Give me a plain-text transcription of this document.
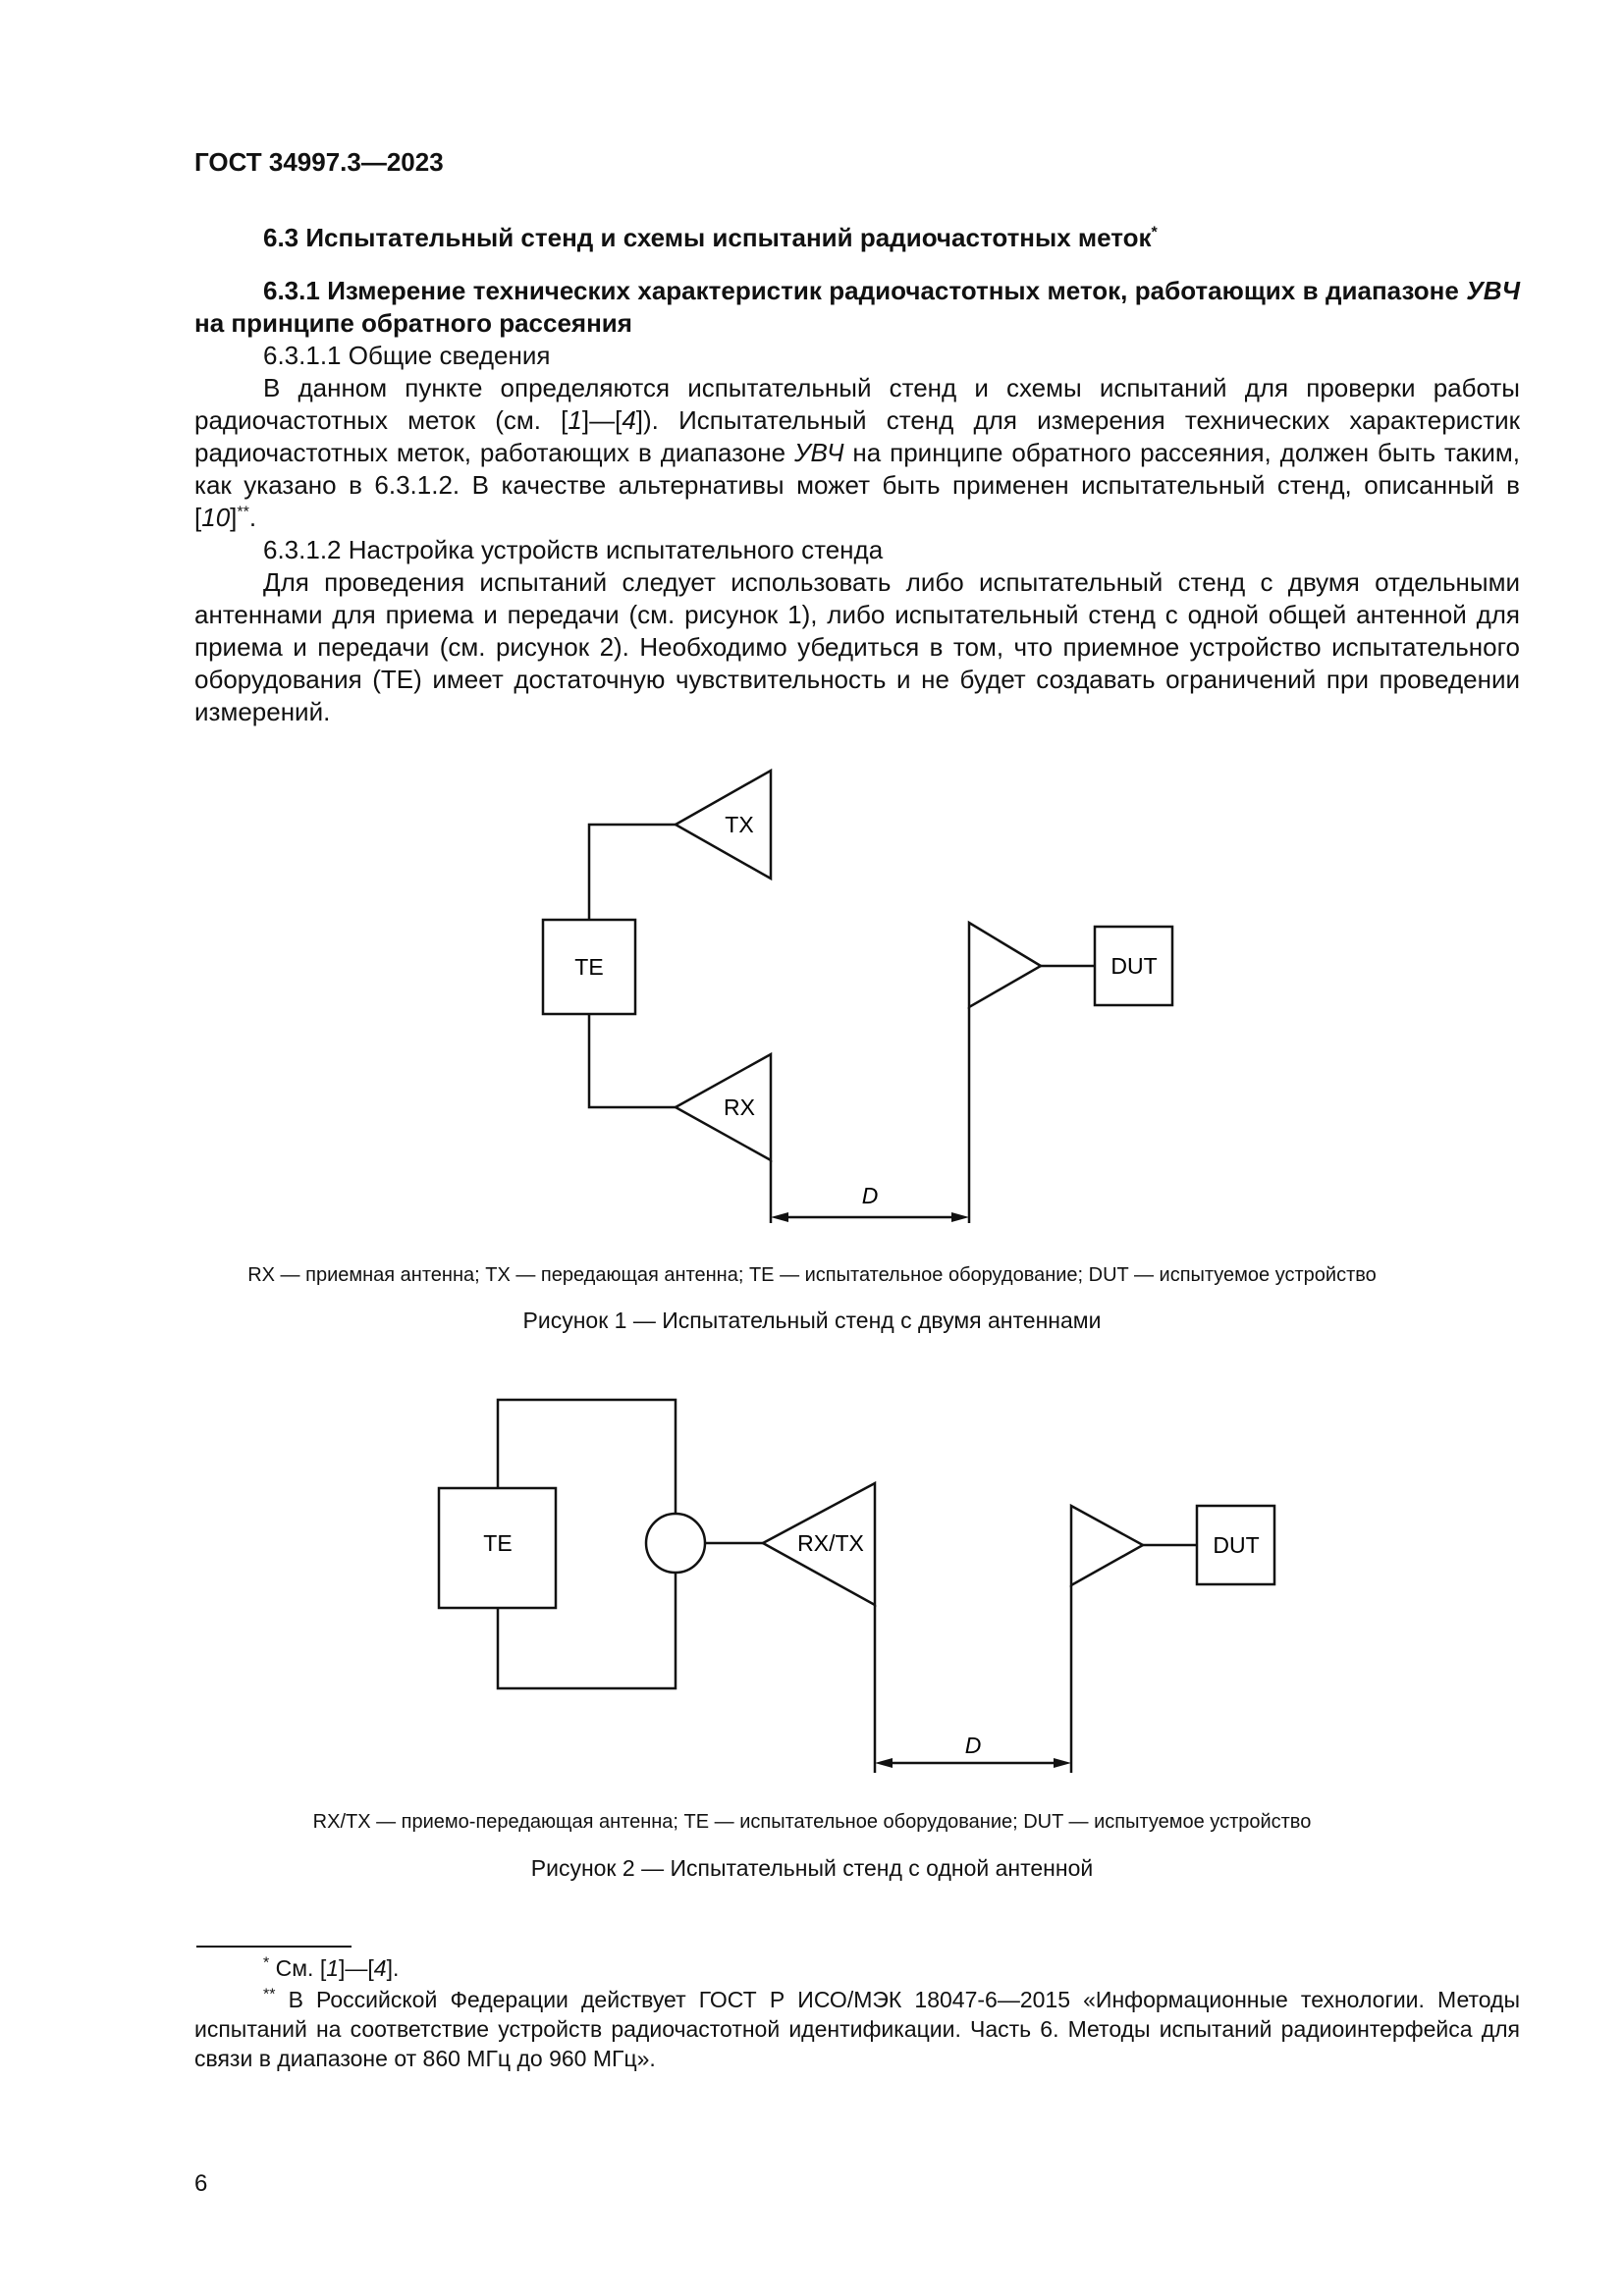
ГОСТ 34997.3—2023

6.3 Испытательный стенд и схемы испытаний радиочастотных меток*

6.3.1 Измерение технических характеристик радиочастотных меток, работающих в диапазоне УВЧ на принципе обратного рассеяния

6.3.1.1 Общие сведения

В данном пункте определяются испытательный стенд и схемы испытаний для проверки работы радиочастотных меток (см. [1]—[4]). Испытательный стенд для измерения технических характеристик радиочастотных меток, работающих в диапазоне УВЧ на принципе обратного рассеяния, должен быть таким, как указано в 6.3.1.2. В качестве альтернативы может быть применен испытательный стенд, описанный в [10]**.

6.3.1.2 Настройка устройств испытательного стенда

Для проведения испытаний следует использовать либо испытательный стенд с двумя отдельными антеннами для приема и передачи (см. рисунок 1), либо испытательный стенд с одной общей антенной для приема и передачи (см. рисунок 2). Необходимо убедиться в том, что приемное устройство испытательного оборудования (ТЕ) имеет достаточную чувствительность и не будет создавать ограничений при проведении измерений.

TX
RX
TE	DUT
D
RX — приемная антенна; TX — передающая антенна; TE — испытательное оборудование; DUT — испытуемое устройство
Рисунок 1 — Испытательный стенд с двумя антеннами
TE	RX/TX	DUT
D
RX/TX — приемо-передающая антенна; TE — испытательное оборудование; DUT — испытуемое устройство
Рисунок 2 — Испытательный стенд с одной антенной

* См. [1]—[4].

** В Российской Федерации действует ГОСТ Р ИСО/МЭК 18047-6—2015 «Информационные технологии. Методы испытаний на соответствие устройств радиочастотной идентификации. Часть 6. Методы испытаний радиоинтерфейса для связи в диапазоне от 860 МГц до 960 МГц».

6
